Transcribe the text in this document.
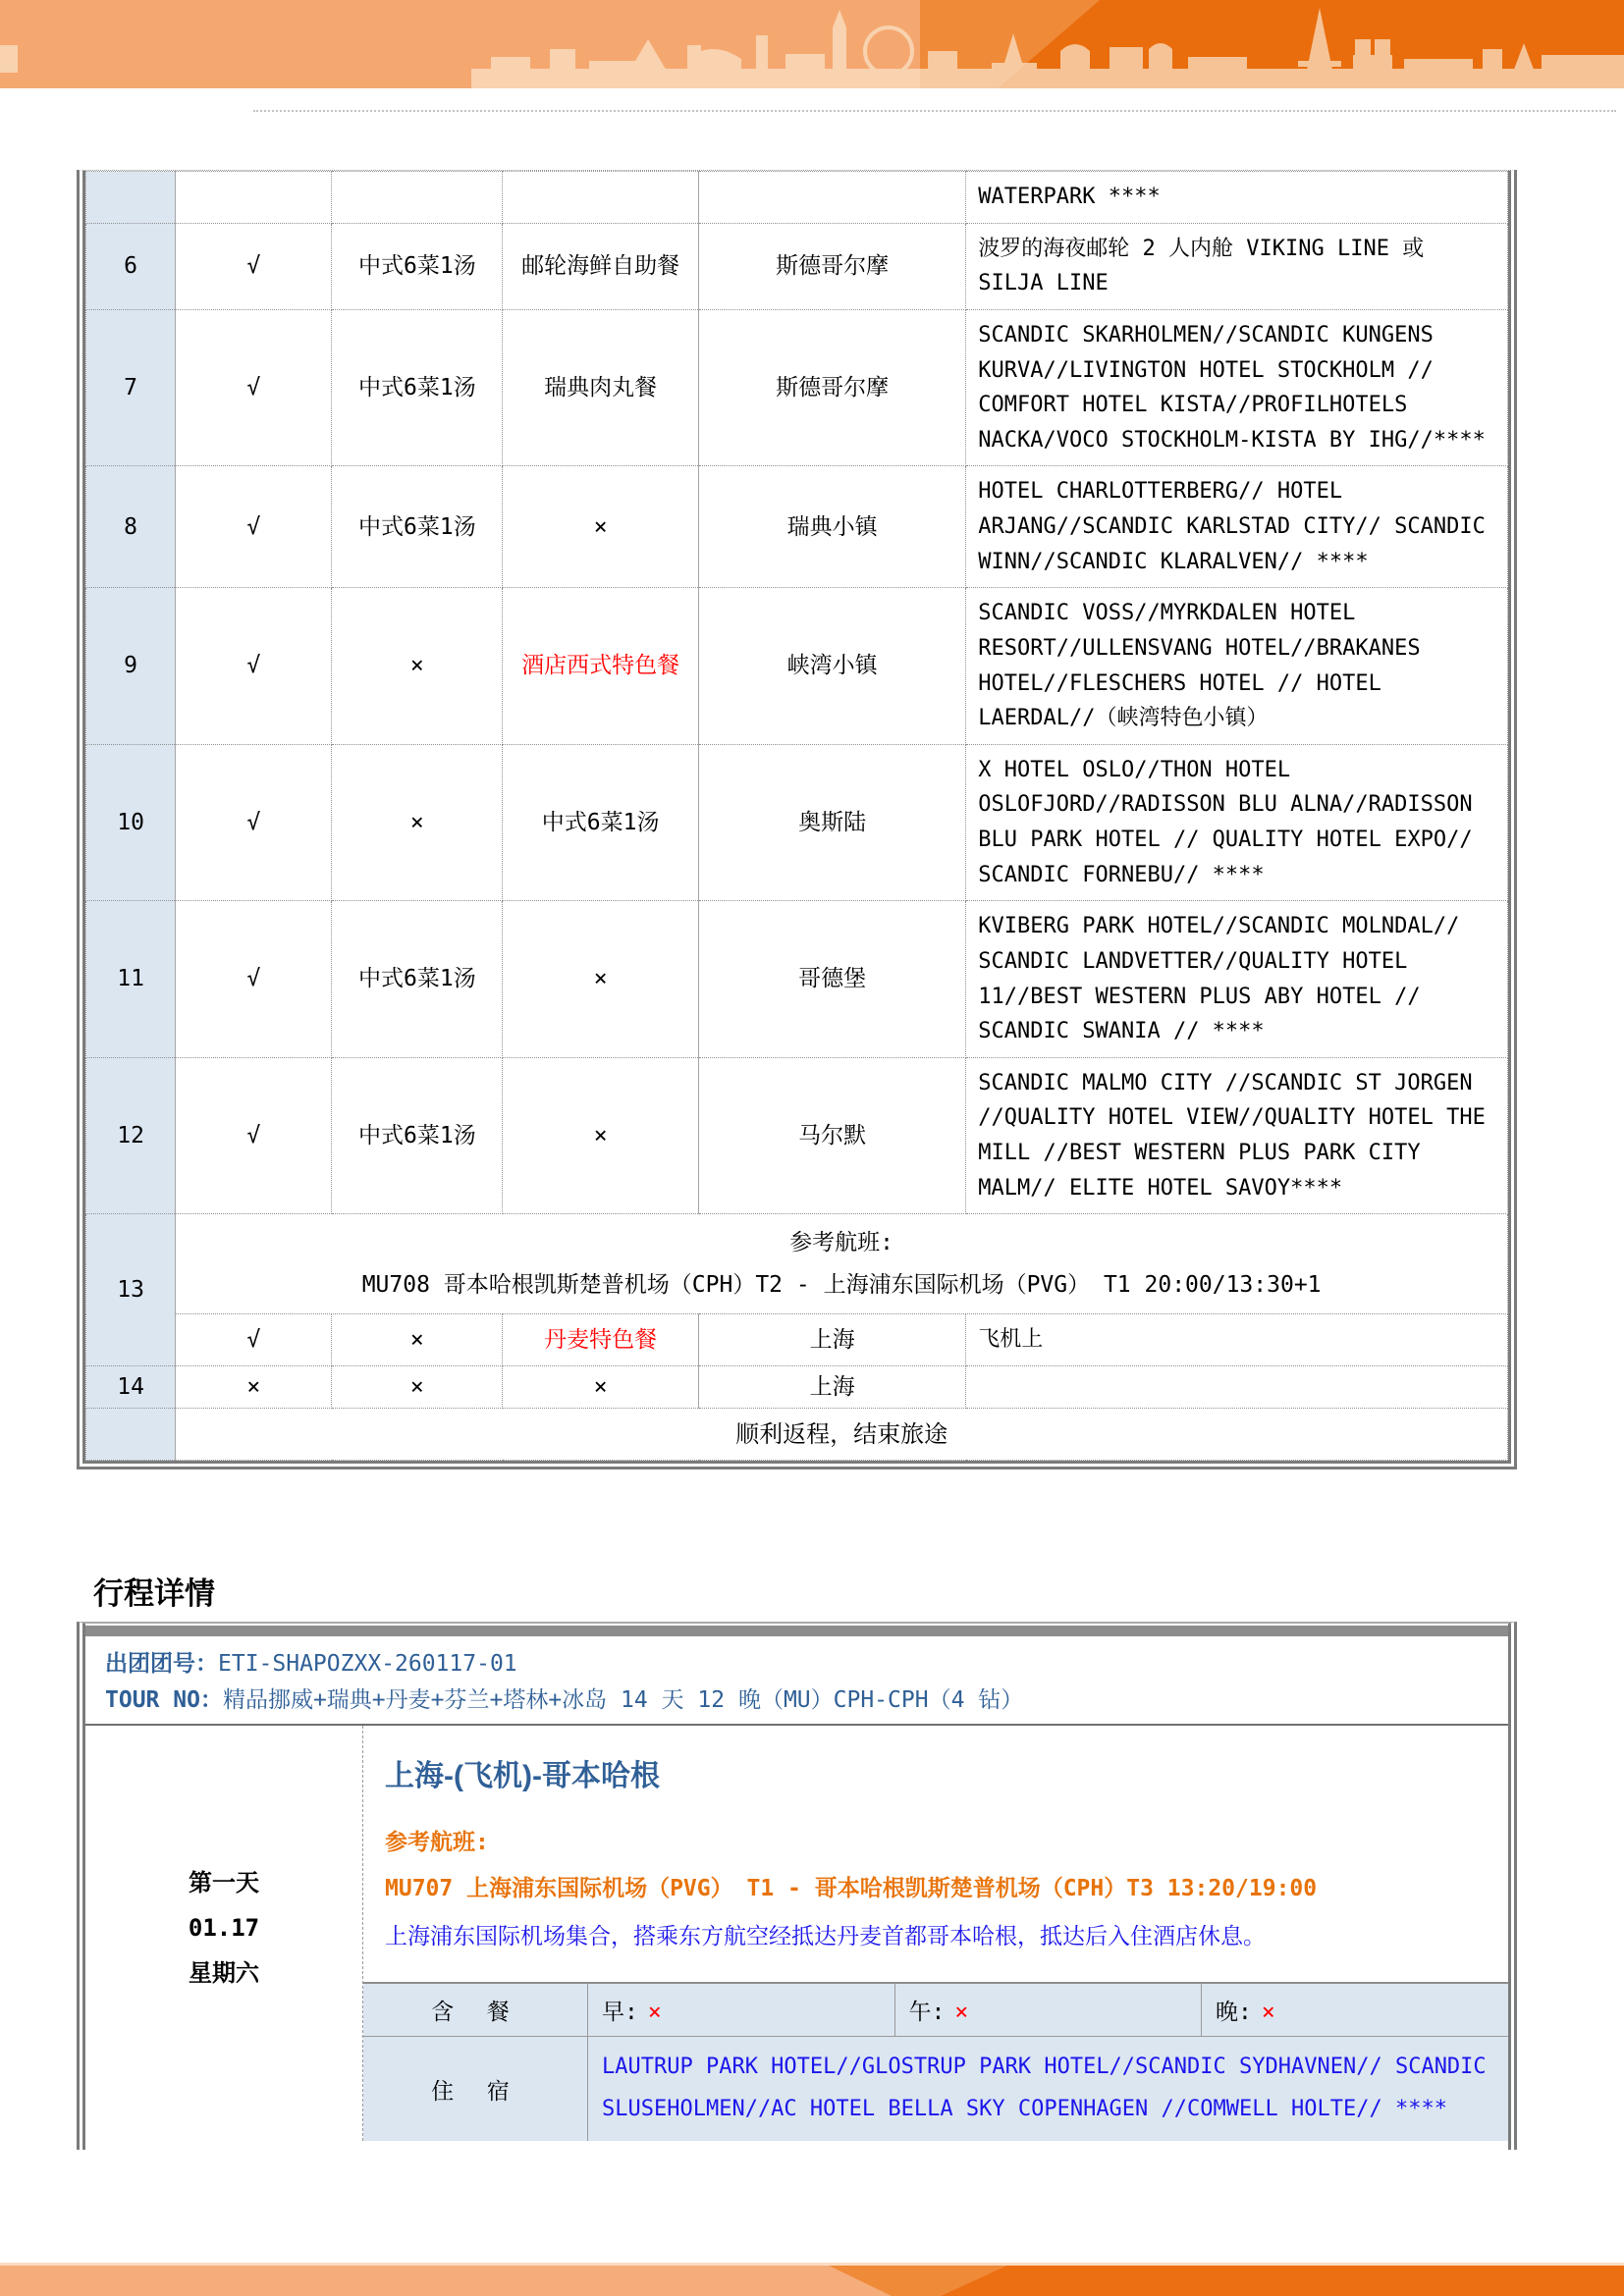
					WATERPARK ****
6	√	中式6菜1汤	邮轮海鲜自助餐	斯德哥尔摩	波罗的海夜邮轮 2 人内舱 VIKING LINE 或 SILJA LINE
7	√	中式6菜1汤	瑞典肉丸餐	斯德哥尔摩	SCANDIC SKARHOLMEN//SCANDIC KUNGENS KURVA//LIVINGTON HOTEL STOCKHOLM // COMFORT HOTEL KISTA//PROFILHOTELS NACKA/VOCO STOCKHOLM-KISTA BY IHG//****
8	√	中式6菜1汤	×	瑞典小镇	HOTEL CHARLOTTERBERG// HOTEL ARJANG//SCANDIC KARLSTAD CITY// SCANDIC WINN//SCANDIC KLARALVEN// ****
9	√	×	酒店西式特色餐	峡湾小镇	SCANDIC VOSS//MYRKDALEN HOTEL RESORT//ULLENSVANG HOTEL//BRAKANES HOTEL//FLESCHERS HOTEL // HOTEL LAERDAL//（峡湾特色小镇）
10	√	×	中式6菜1汤	奥斯陆	X HOTEL OSLO//THON HOTEL OSLOFJORD//RADISSON BLU ALNA//RADISSON BLU PARK HOTEL // QUALITY HOTEL EXPO// SCANDIC FORNEBU// ****
11	√	中式6菜1汤	×	哥德堡	KVIBERG PARK HOTEL//SCANDIC MOLNDAL// SCANDIC LANDVETTER//QUALITY HOTEL 11//BEST WESTERN PLUS ABY HOTEL // SCANDIC SWANIA // ****
12	√	中式6菜1汤	×	马尔默	SCANDIC MALMO CITY //SCANDIC ST JORGEN //QUALITY HOTEL VIEW//QUALITY HOTEL THE MILL //BEST WESTERN PLUS PARK CITY MALM// ELITE HOTEL SAVOY****
13	参考航班:
MU708 哥本哈根凯斯楚普机场（CPH）T2 - 上海浦东国际机场（PVG） T1 20:00/13:30+1				

	√	×	丹麦特色餐	上海	飞机上
14	×	×	×	上海	
	顺利返程，结束旅途				
行程详情
出团团号：ETI-SHAPOZXX-260117-01
TOUR NO：精品挪威+瑞典+丹麦+芬兰+塔林+冰岛 14 天 12 晚（MU）CPH-CPH（4 钻）
第一天
01.17
星期六
上海-(飞机)-哥本哈根
参考航班:
MU707 上海浦东国际机场（PVG） T1 - 哥本哈根凯斯楚普机场（CPH）T3 13:20/19:00
上海浦东国际机场集合，搭乘东方航空经抵达丹麦首都哥本哈根，抵达后入住酒店休息。
含 餐	早: ×	午: ×	晚: ×
住 宿	LAUTRUP PARK HOTEL//GLOSTRUP PARK HOTEL//SCANDIC SYDHAVNEN// SCANDIC SLUSEHOLMEN//AC HOTEL BELLA SKY COPENHAGEN //COMWELL HOLTE// ****		
